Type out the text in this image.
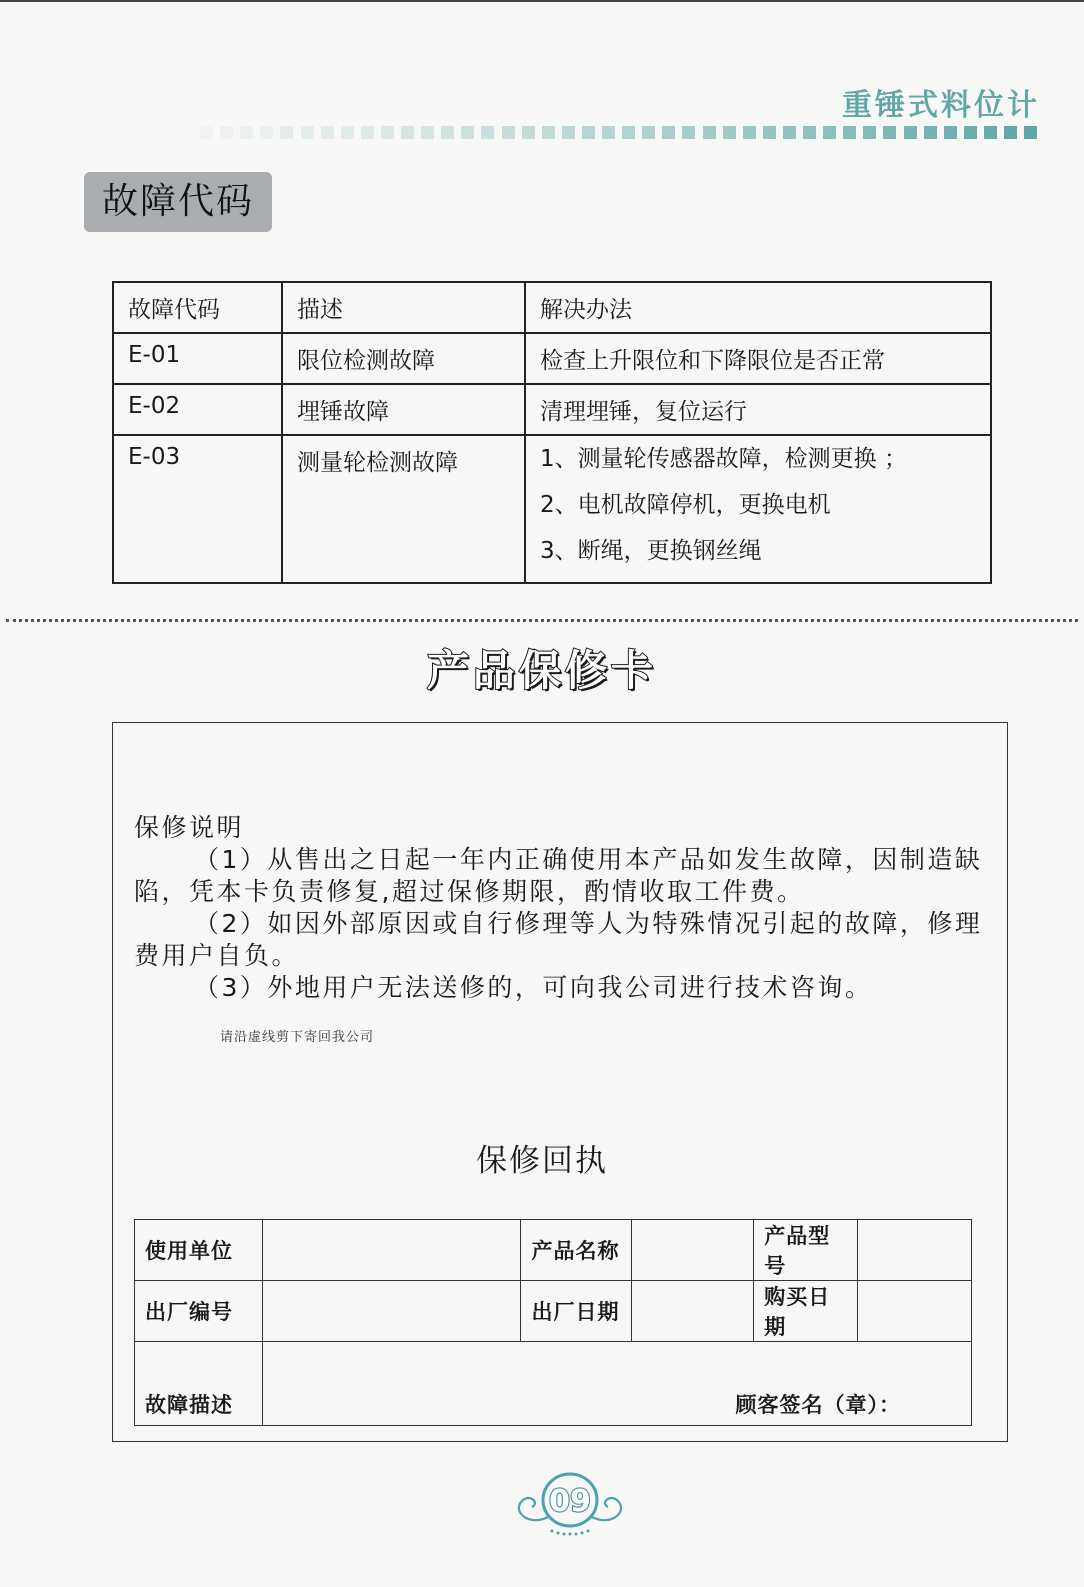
重锤式料位计
故障代码
故障代码	描述	解决办法
E-01	限位检测故障	检查上升限位和下降限位是否正常
E-02	埋锤故障	清理埋锤，复位运行
E-03	测量轮检测故障	1、测量轮传感器故障，检测更换 ；
2、电机故障停机，更换电机
3、断绳，更换钢丝绳
产品保修卡

保修说明

（1）从售出之日起一年内正确使用本产品如发生故障，因制造缺陷，凭本卡负责修复,超过保修期限，酌情收取工件费。

（2）如因外部原因或自行修理等人为特殊情况引起的故障，修理费用户自负。

（3）外地用户无法送修的，可向我公司进行技术咨询。

请沿虚线剪下寄回我公司
保修回执
使用单位		产品名称		产品型号	
出厂编号		出厂日期		购买日期	
故障描述	顾客签名（章）：				
09
